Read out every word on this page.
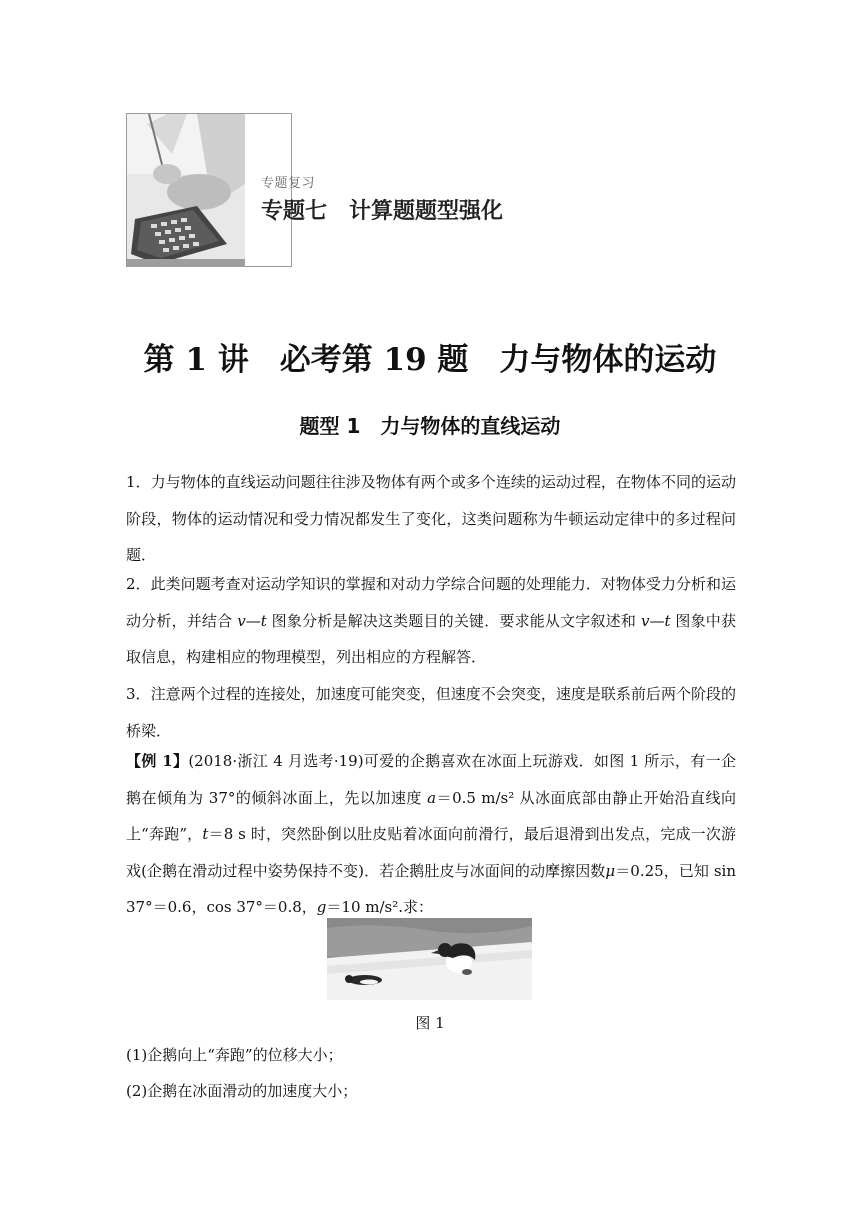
专题复习
专题七　计算题题型强化
第 1 讲　必考第 19 题　力与物体的运动
题型 1　力与物体的直线运动
1．力与物体的直线运动问题往往涉及物体有两个或多个连续的运动过程，在物体不同的运动阶段，物体的运动情况和受力情况都发生了变化，这类问题称为牛顿运动定律中的多过程问题．
2．此类问题考查对运动学知识的掌握和对动力学综合问题的处理能力．对物体受力分析和运动分析，并结合 v—t 图象分析是解决这类题目的关键．要求能从文字叙述和 v—t 图象中获取信息，构建相应的物理模型，列出相应的方程解答．
3．注意两个过程的连接处，加速度可能突变，但速度不会突变，速度是联系前后两个阶段的桥梁．
【例 1】(2018·浙江 4 月选考·19)可爱的企鹅喜欢在冰面上玩游戏．如图 1 所示，有一企鹅在倾角为 37°的倾斜冰面上，先以加速度 a＝0.5 m/s² 从冰面底部由静止开始沿直线向上“奔跑”，t＝8 s 时，突然卧倒以肚皮贴着冰面向前滑行，最后退滑到出发点，完成一次游戏(企鹅在滑动过程中姿势保持不变)．若企鹅肚皮与冰面间的动摩擦因数μ＝0.25，已知 sin 37°＝0.6，cos 37°＝0.8，g＝10 m/s².求：
图 1
(1)企鹅向上“奔跑”的位移大小；
(2)企鹅在冰面滑动的加速度大小；
